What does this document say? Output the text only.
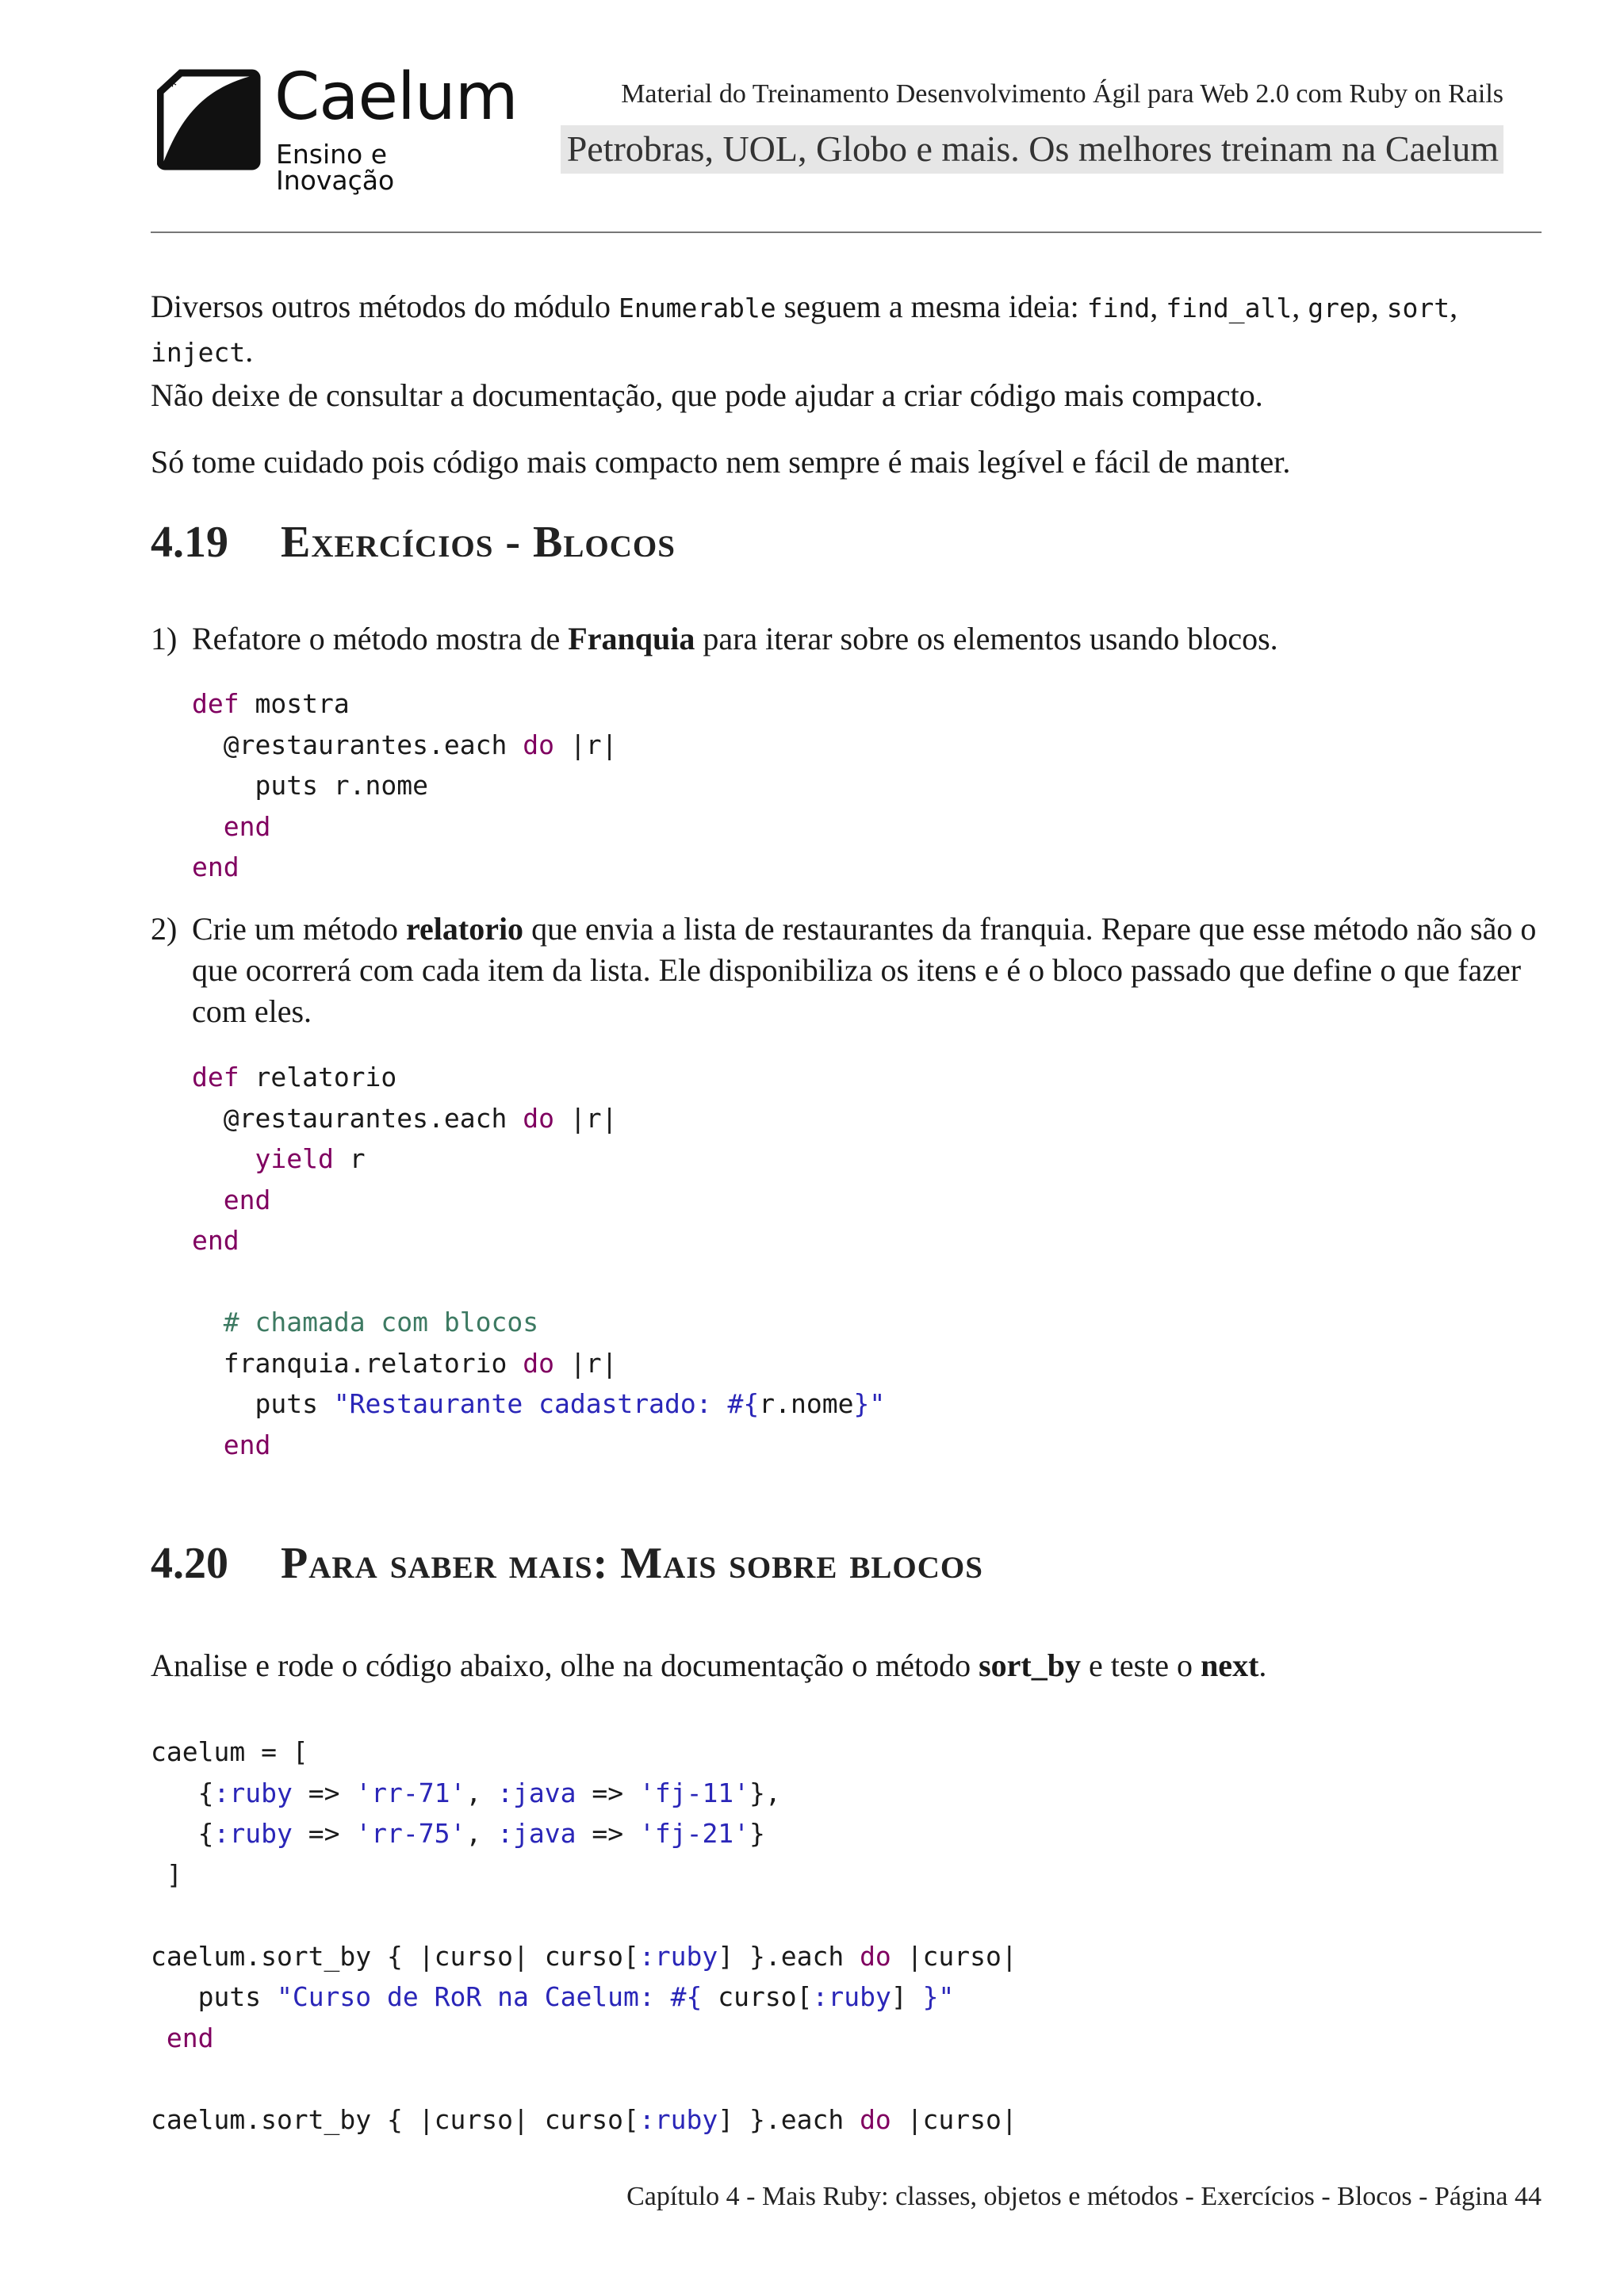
* Caelum
Ensino e Inovação
Material do Treinamento Desenvolvimento Ágil para Web 2.0 com Ruby on Rails
Petrobras, UOL, Globo e mais. Os melhores treinam na Caelum

Diversos outros métodos do módulo Enumerable seguem a mesma ideia: find, find_all, grep, sort, inject.
Não deixe de consultar a documentação, que pode ajudar a criar código mais compacto.

Só tome cuidado pois código mais compacto nem sempre é mais legível e fácil de manter.

4.19 Exercícios - Blocos
1) Refatore o método mostra de Franquia para iterar sobre os elementos usando blocos.
def mostra
@restaurantes.each do |r|
puts r.nome
end
end
2) Crie um método relatorio que envia a lista de restaurantes da franquia. Repare que esse método não são o que ocorrerá com cada item da lista. Ele disponibiliza os itens e é o bloco passado que define o que fazer com eles.
def relatorio
@restaurantes.each do |r|
yield r
end
end

# chamada com blocos
franquia.relatorio do |r|
puts "Restaurante cadastrado: #{r.nome}"
end
4.20 Para saber mais: Mais sobre blocos

Analise e rode o código abaixo, olhe na documentação o método sort_by e teste o next.

caelum = [
{:ruby => 'rr-71', :java => 'fj-11'},
{:ruby => 'rr-75', :java => 'fj-21'}
]

caelum.sort_by { |curso| curso[:ruby] }.each do |curso|
puts "Curso de RoR na Caelum: #{ curso[:ruby] }"
end

caelum.sort_by { |curso| curso[:ruby] }.each do |curso|
Capítulo 4 - Mais Ruby: classes, objetos e métodos - Exercícios - Blocos - Página 44
